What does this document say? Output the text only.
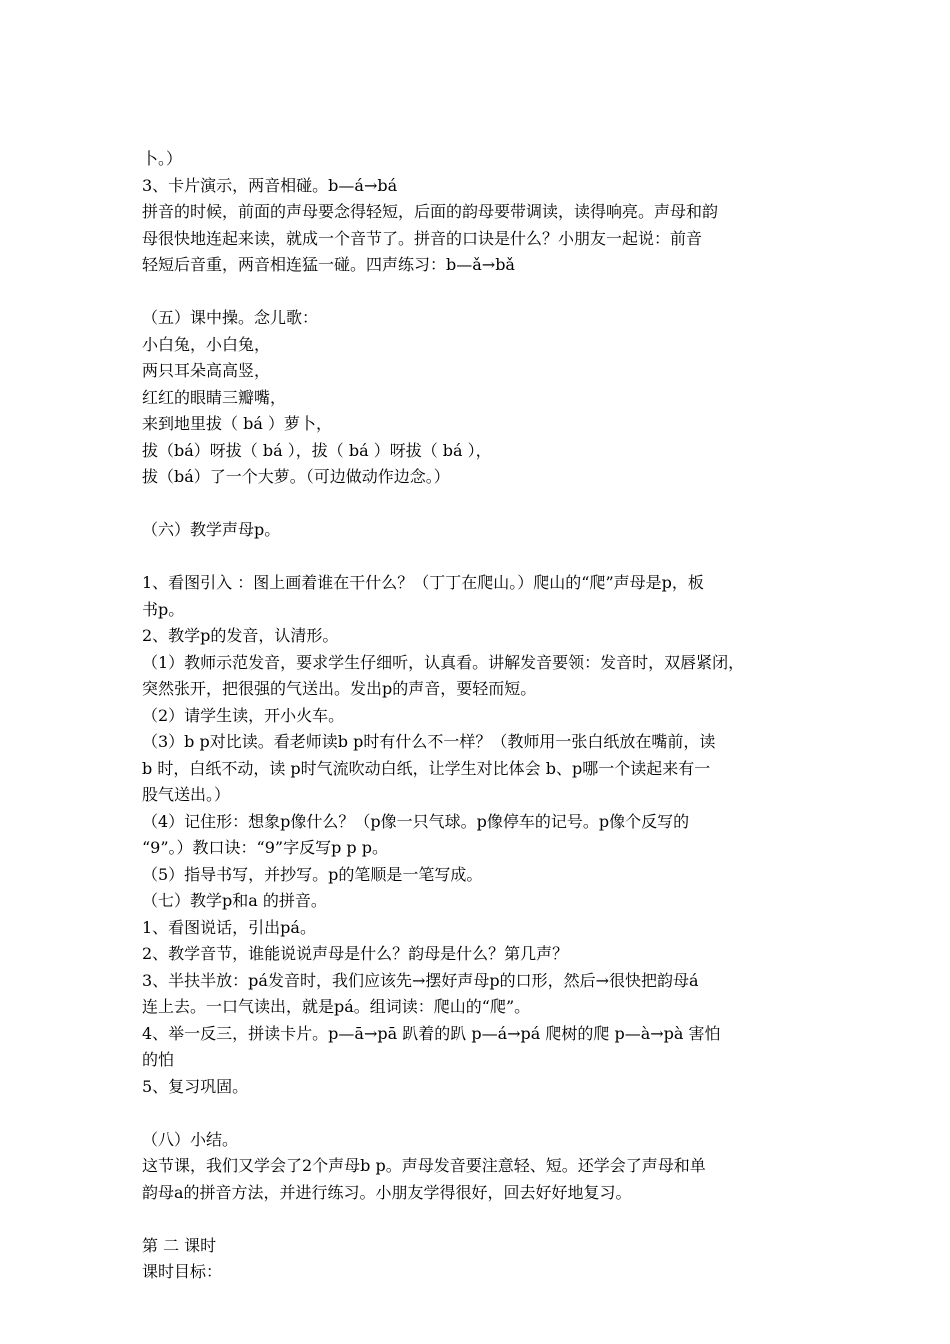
卜。）
3、卡片演示，两音相碰。b—á→bá
拼音的时候，前面的声母要念得轻短，后面的韵母要带调读，读得响亮。声母和韵
母很快地连起来读，就成一个音节了。拼音的口诀是什么？小朋友一起说：前音
轻短后音重，两音相连猛一碰。四声练习：b—ǎ→bǎ
（五）课中操。念儿歌：
小白兔，小白兔，
两只耳朵高高竖，
红红的眼睛三瓣嘴，
来到地里拔（ bá ）萝卜，
拔（bá）呀拔（ bá ），拔（ bá ）呀拔（ bá ），
拔（bá）了一个大萝。（可边做动作边念。）
（六）教学声母p。
1、看图引入 ：图上画着谁在干什么？（丁丁在爬山。）爬山的“爬”声母是p，板
书p。
2、教学p的发音，认清形。
（1）教师示范发音，要求学生仔细听，认真看。讲解发音要领：发音时，双唇紧闭，
突然张开，把很强的气送出。发出p的声音，要轻而短。
（2）请学生读，开小火车。
（3）b p对比读。看老师读b p时有什么不一样？（教师用一张白纸放在嘴前，读
b 时，白纸不动，读 p时气流吹动白纸，让学生对比体会 b、p哪一个读起来有一
股气送出。）
（4）记住形：想象p像什么？（p像一只气球。p像停车的记号。p像个反写的
“9”。）教口诀：“9”字反写p p p。
（5）指导书写，并抄写。p的笔顺是一笔写成。
（七）教学p和a 的拼音。
1、看图说话，引出pá。
2、教学音节，谁能说说声母是什么？韵母是什么？第几声？
3、半扶半放：pá发音时，我们应该先→摆好声母p的口形，然后→很快把韵母á
连上去。一口气读出，就是pá。组词读：爬山的“爬”。
4、举一反三，拼读卡片。p—ā→pā 趴着的趴 p—á→pá 爬树的爬 p—à→pà 害怕
的怕
5、复习巩固。
（八）小结。
这节课，我们又学会了2个声母b p。声母发音要注意轻、短。还学会了声母和单
韵母a的拼音方法，并进行练习。小朋友学得很好，回去好好地复习。
第 二 课时
课时目标：
